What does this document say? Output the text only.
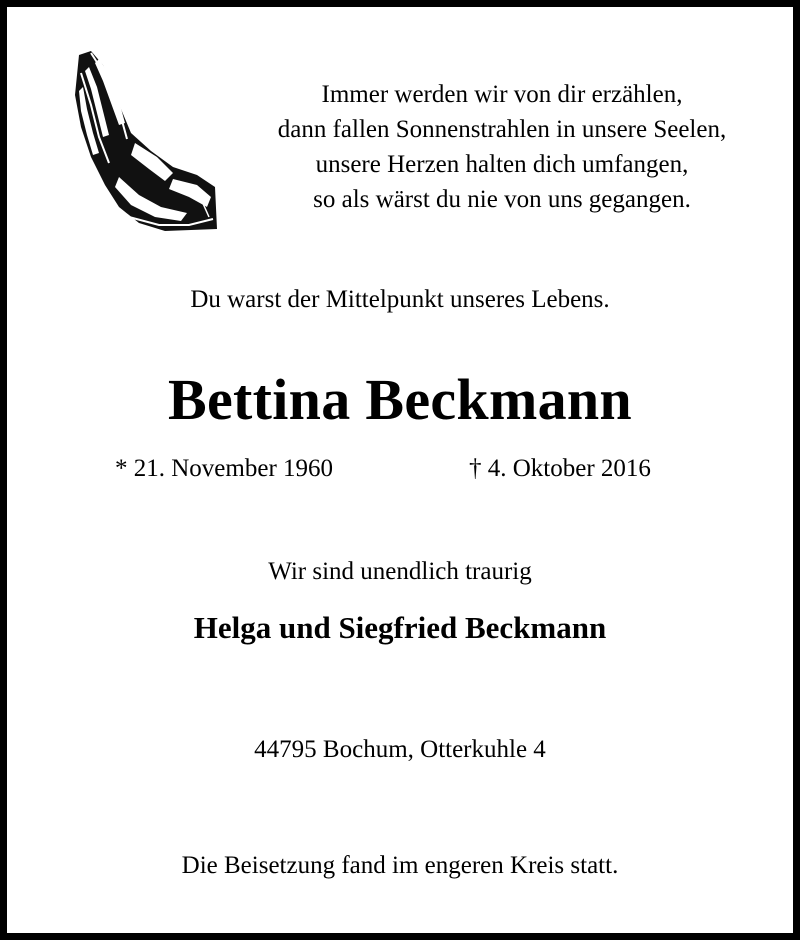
Immer werden wir von dir erzählen,
dann fallen Sonnenstrahlen in unsere Seelen,
unsere Herzen halten dich umfangen,
so als wärst du nie von uns gegangen.
Du warst der Mittelpunkt unseres Lebens.
Bettina Beckmann
* 21. November 1960	† 4. Oktober 2016
Wir sind unendlich traurig
Helga und Siegfried Beckmann
44795 Bochum, Otterkuhle 4
Die Beisetzung fand im engeren Kreis statt.
